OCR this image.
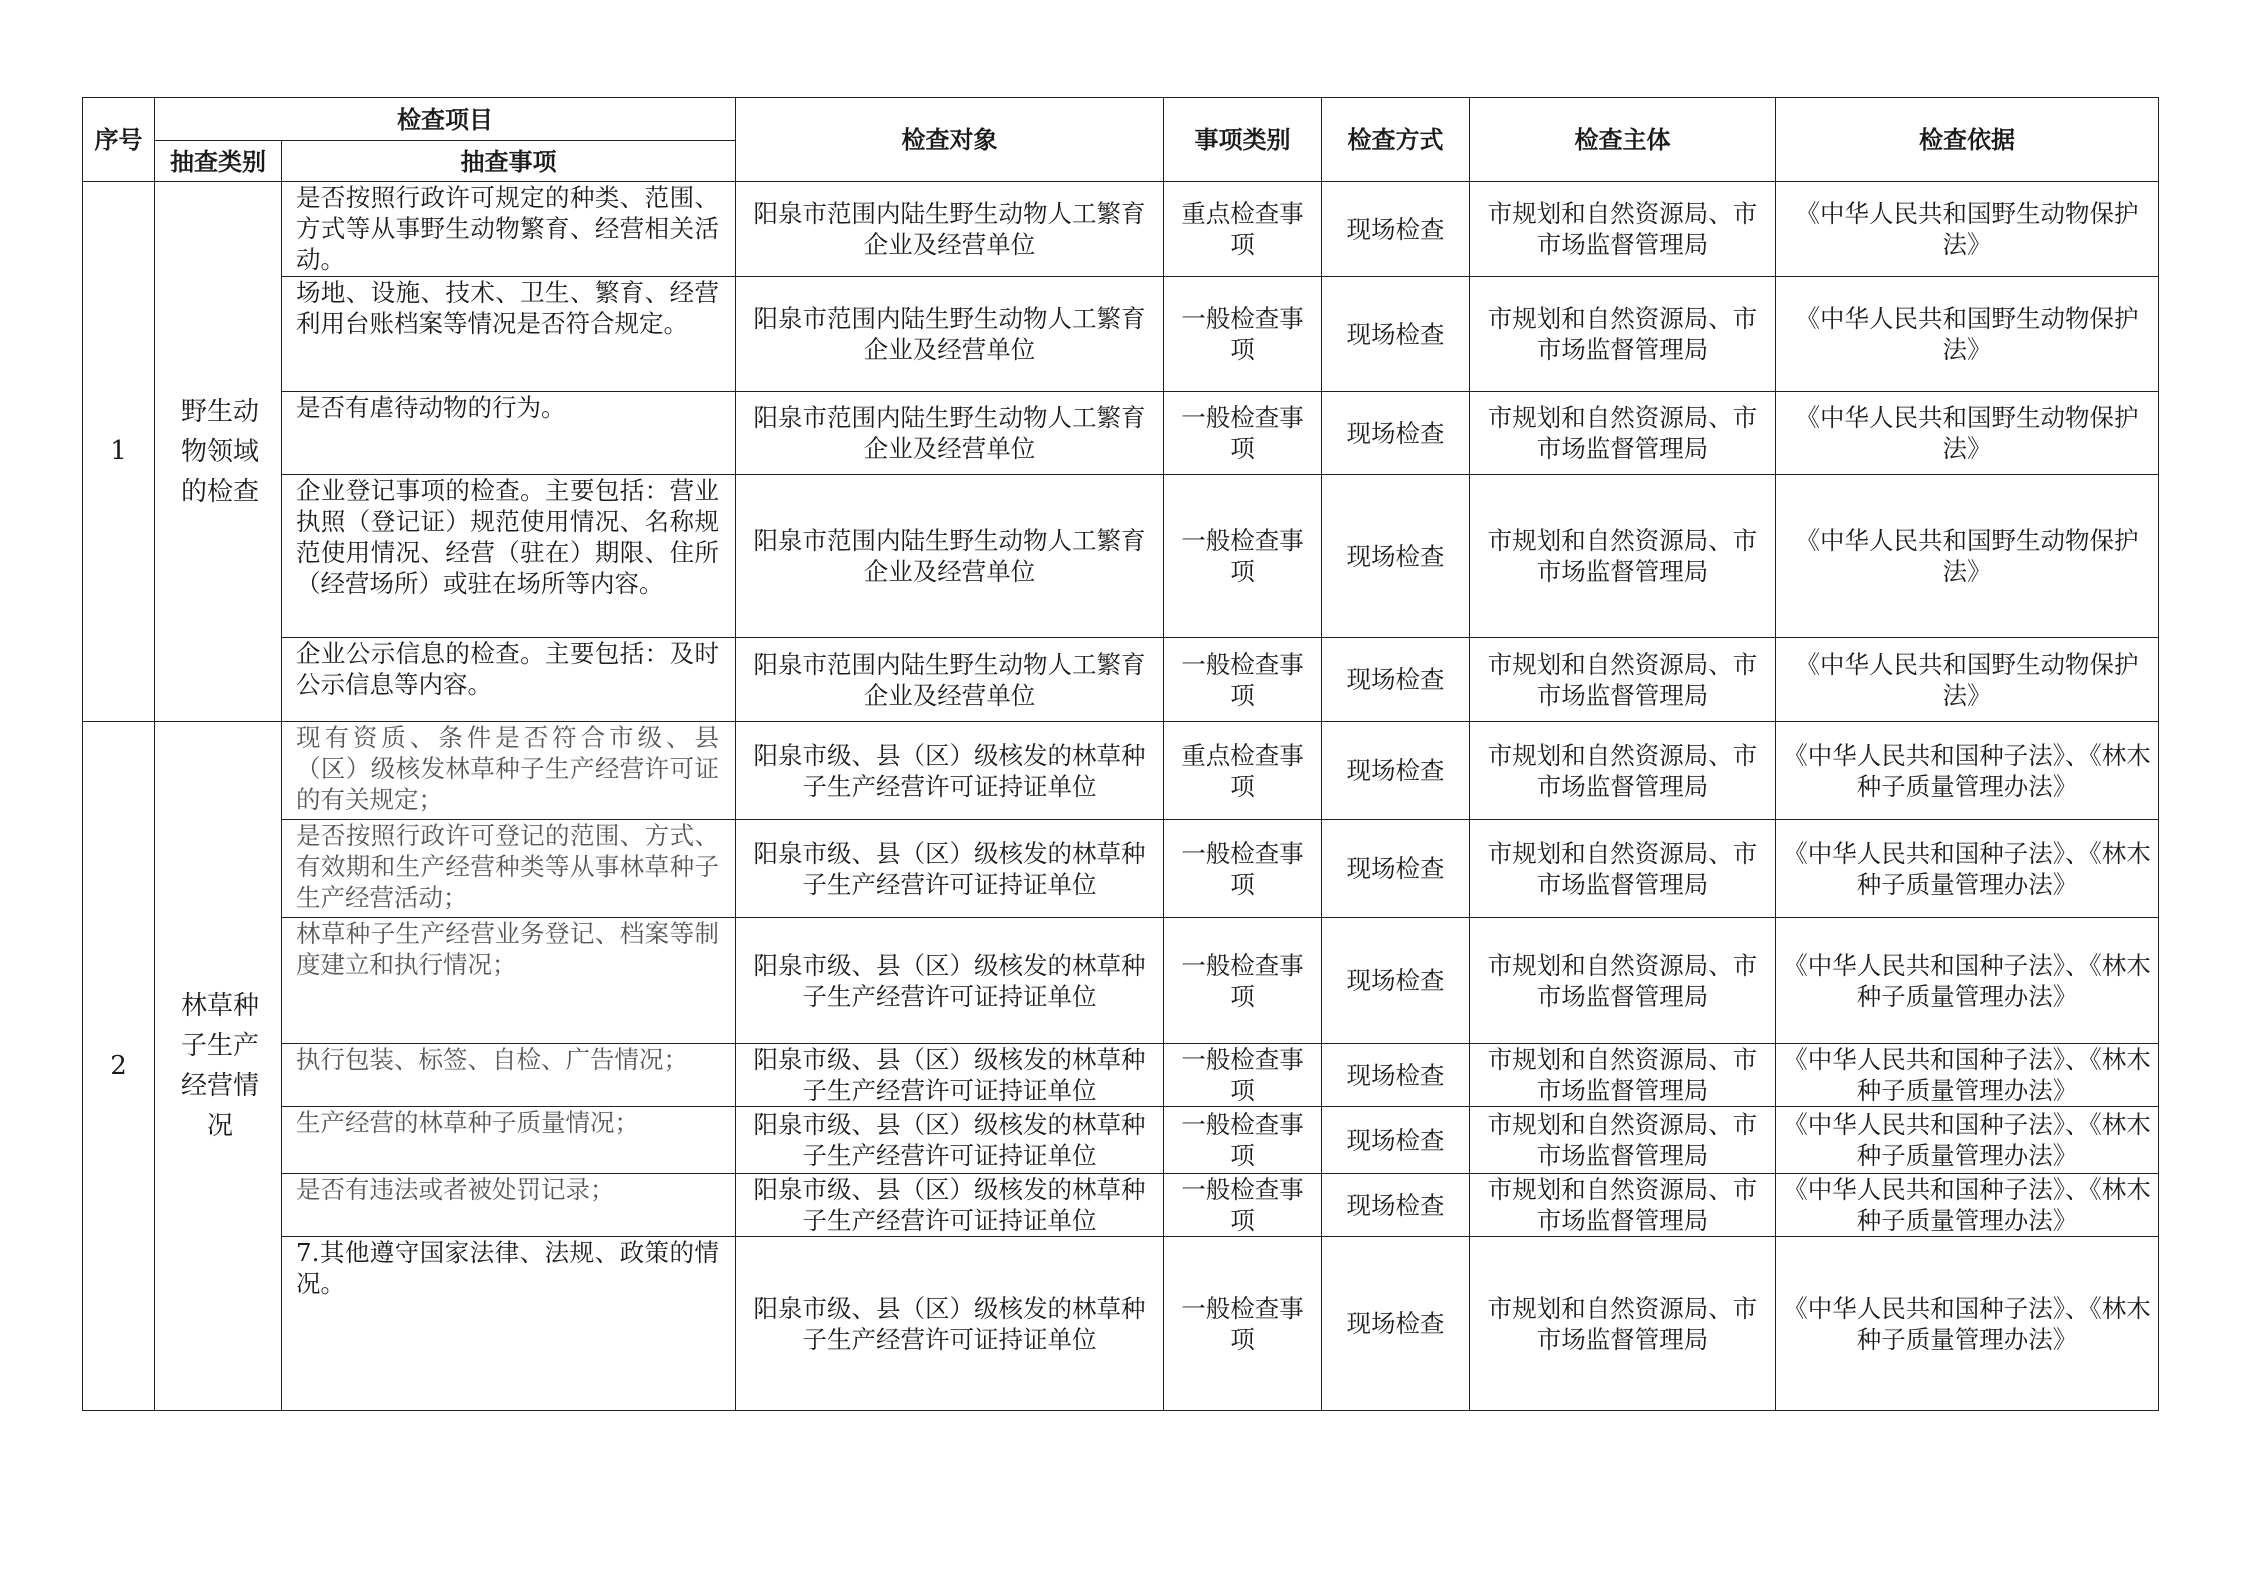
序号	检查项目		检查对象	事项类别	检查方式	检查主体	检查依据
	抽查类别	抽查事项					
1	野生动物领域的检查	是否按照行政许可规定的种类、范围、方式等从事野生动物繁育、经营相关活动。	阳泉市范围内陆生野生动物人工繁育企业及经营单位	重点检查事项	现场检查	市规划和自然资源局、市市场监督管理局	《中华人民共和国野生动物保护法》
		场地、设施、技术、卫生、繁育、经营利用台账档案等情况是否符合规定。	阳泉市范围内陆生野生动物人工繁育企业及经营单位	一般检查事项	现场检查	市规划和自然资源局、市市场监督管理局	《中华人民共和国野生动物保护法》
		是否有虐待动物的行为。	阳泉市范围内陆生野生动物人工繁育企业及经营单位	一般检查事项	现场检查	市规划和自然资源局、市市场监督管理局	《中华人民共和国野生动物保护法》
		企业登记事项的检查。主要包括：营业执照（登记证）规范使用情况、名称规范使用情况、经营（驻在）期限、住所（经营场所）或驻在场所等内容。	阳泉市范围内陆生野生动物人工繁育企业及经营单位	一般检查事项	现场检查	市规划和自然资源局、市市场监督管理局	《中华人民共和国野生动物保护法》
		企业公示信息的检查。主要包括：及时公示信息等内容。	阳泉市范围内陆生野生动物人工繁育企业及经营单位	一般检查事项	现场检查	市规划和自然资源局、市市场监督管理局	《中华人民共和国野生动物保护法》
2	林草种子生产经营情况	现有资质、条件是否符合市级、县（区）级核发林草种子生产经营许可证的有关规定；	阳泉市级、县（区）级核发的林草种子生产经营许可证持证单位	重点检查事项	现场检查	市规划和自然资源局、市市场监督管理局	《中华人民共和国种子法》、《林木种子质量管理办法》
		是否按照行政许可登记的范围、方式、有效期和生产经营种类等从事林草种子生产经营活动；	阳泉市级、县（区）级核发的林草种子生产经营许可证持证单位	一般检查事项	现场检查	市规划和自然资源局、市市场监督管理局	《中华人民共和国种子法》、《林木种子质量管理办法》
		林草种子生产经营业务登记、档案等制度建立和执行情况；	阳泉市级、县（区）级核发的林草种子生产经营许可证持证单位	一般检查事项	现场检查	市规划和自然资源局、市市场监督管理局	《中华人民共和国种子法》、《林木种子质量管理办法》
		执行包装、标签、自检、广告情况；	阳泉市级、县（区）级核发的林草种子生产经营许可证持证单位	一般检查事项	现场检查	市规划和自然资源局、市市场监督管理局	《中华人民共和国种子法》、《林木种子质量管理办法》
		生产经营的林草种子质量情况；	阳泉市级、县（区）级核发的林草种子生产经营许可证持证单位	一般检查事项	现场检查	市规划和自然资源局、市市场监督管理局	《中华人民共和国种子法》、《林木种子质量管理办法》
		是否有违法或者被处罚记录；	阳泉市级、县（区）级核发的林草种子生产经营许可证持证单位	一般检查事项	现场检查	市规划和自然资源局、市市场监督管理局	《中华人民共和国种子法》、《林木种子质量管理办法》
		7.其他遵守国家法律、法规、政策的情况。	阳泉市级、县（区）级核发的林草种子生产经营许可证持证单位	一般检查事项	现场检查	市规划和自然资源局、市市场监督管理局	《中华人民共和国种子法》、《林木种子质量管理办法》
